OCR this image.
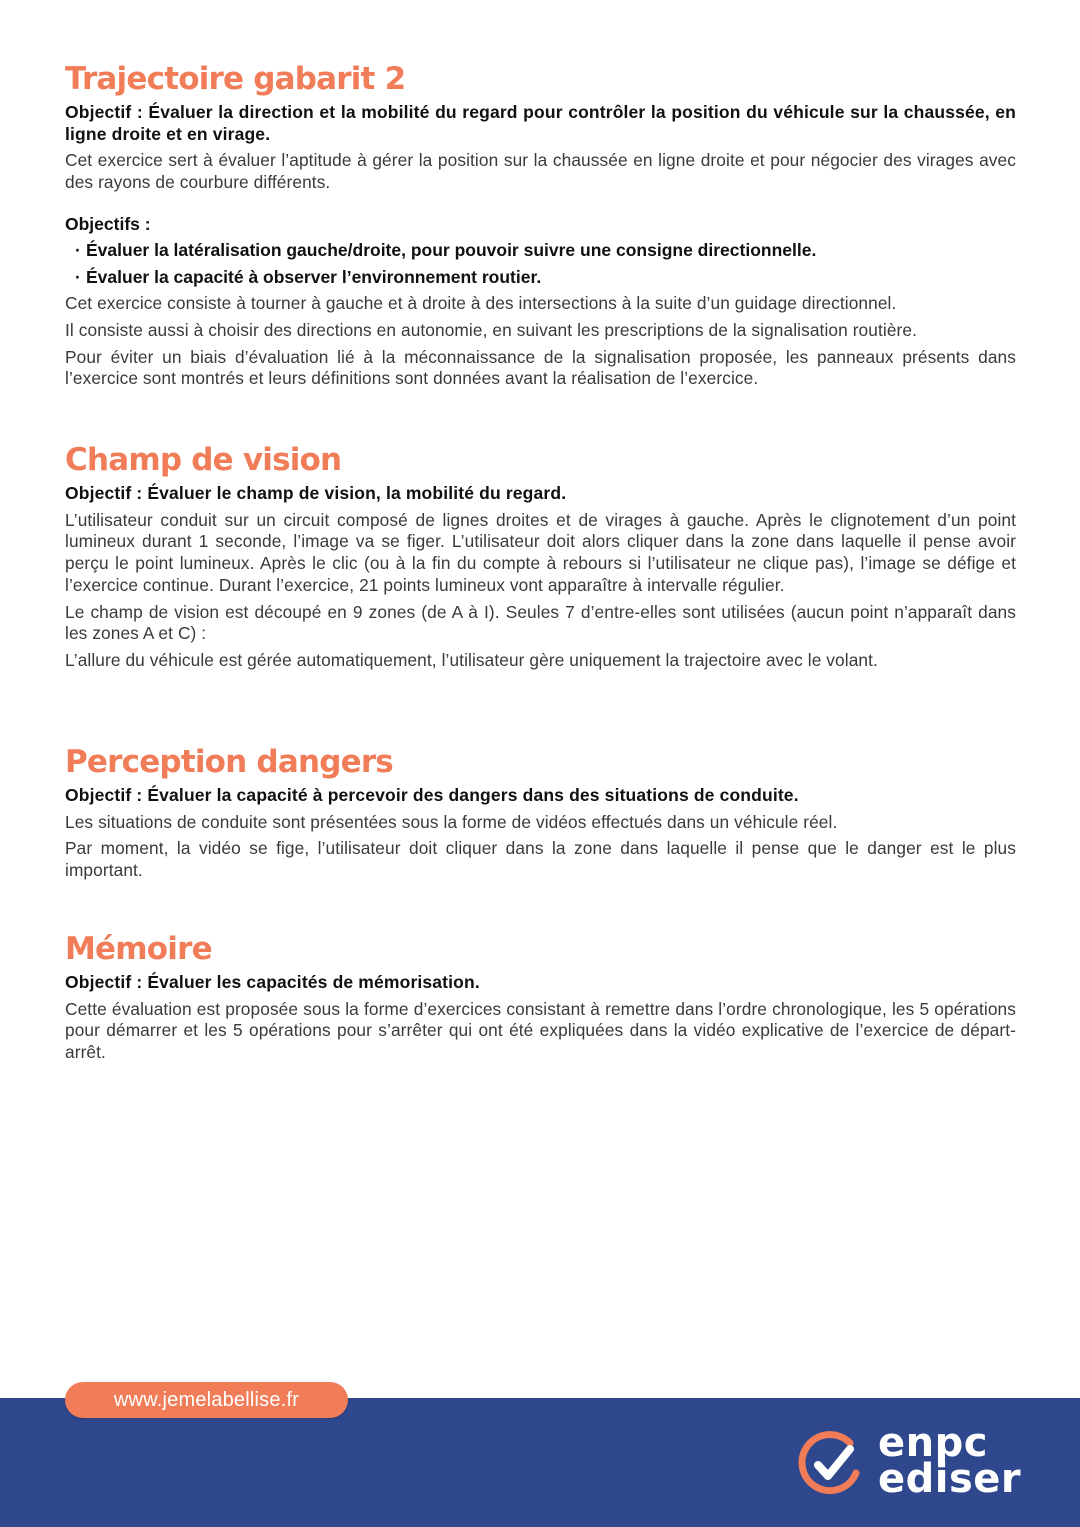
Trajectoire gabarit 2

Objectif : Évaluer la direction et la mobilité du regard pour contrôler la position du véhicule sur la chaussée, en ligne droite et en virage.

Cet exercice sert à évaluer l’aptitude à gérer la position sur la chaussée en ligne droite et pour négocier des virages avec des rayons de courbure différents.

Objectifs :

· Évaluer la latéralisation gauche/droite, pour pouvoir suivre une consigne directionnelle.
· Évaluer la capacité à observer l’environnement routier.

Cet exercice consiste à tourner à gauche et à droite à des intersections à la suite d’un guidage directionnel.

Il consiste aussi à choisir des directions en autonomie, en suivant les prescriptions de la signalisation routière.

Pour éviter un biais d’évaluation lié à la méconnaissance de la signalisation proposée, les panneaux présents dans l’exercice sont montrés et leurs définitions sont données avant la réalisation de l’exercice.

Champ de vision

Objectif : Évaluer le champ de vision, la mobilité du regard.

L’utilisateur conduit sur un circuit composé de lignes droites et de virages à gauche. Après le clignotement d’un point lumineux durant 1 seconde, l’image va se figer. L’utilisateur doit alors cliquer dans la zone dans laquelle il pense avoir perçu le point lumineux. Après le clic (ou à la fin du compte à rebours si l’utilisateur ne clique pas), l’image se défige et l’exercice continue. Durant l’exercice, 21 points lumineux vont apparaître à intervalle régulier.

Le champ de vision est découpé en 9 zones (de A à I). Seules 7 d’entre-elles sont utilisées (aucun point n’apparaît dans les zones A et C) :

L’allure du véhicule est gérée automatiquement, l’utilisateur gère uniquement la trajectoire avec le volant.

Perception dangers

Objectif : Évaluer la capacité à percevoir des dangers dans des situations de conduite.

Les situations de conduite sont présentées sous la forme de vidéos effectués dans un véhicule réel.

Par moment, la vidéo se fige, l’utilisateur doit cliquer dans la zone dans laquelle il pense que le danger est le plus important.

Mémoire

Objectif : Évaluer les capacités de mémorisation.

Cette évaluation est proposée sous la forme d’exercices consistant à remettre dans l’ordre chronologique, les 5 opérations pour démarrer et les 5 opérations pour s’arrêter qui ont été expliquées dans la vidéo explicative de l’exercice de départ-arrêt.

www.jemelabellise.fr
enpc
ediser
